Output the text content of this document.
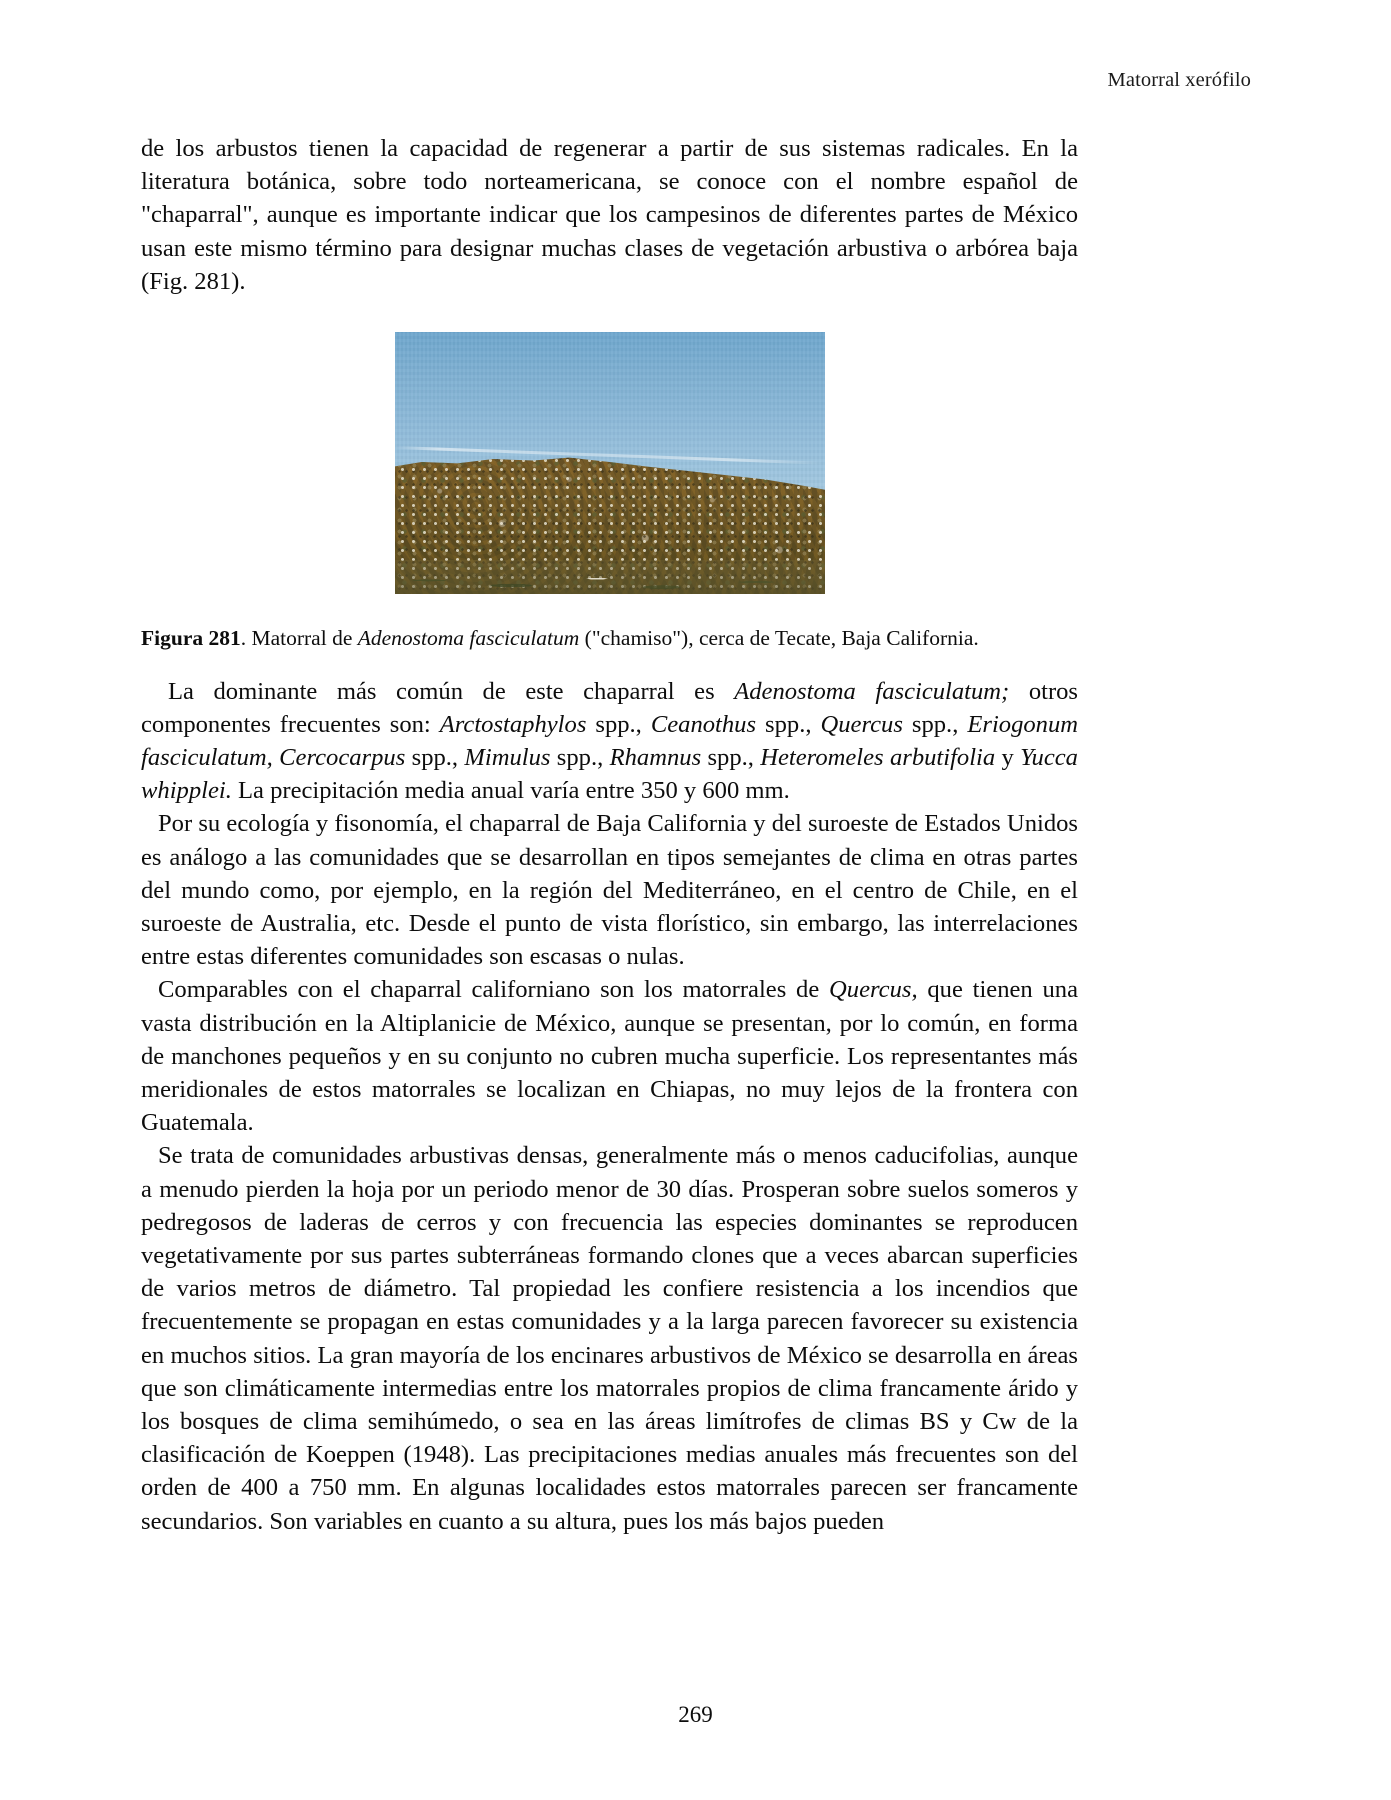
Matorral xerófilo

de los arbustos tienen la capacidad de regenerar a partir de sus sistemas radicales. En la literatura botánica, sobre todo norteamericana, se conoce con el nombre español de "chaparral", aunque es importante indicar que los campesinos de diferentes partes de México usan este mismo término para designar muchas clases de vegetación arbustiva o arbórea baja (Fig. 281).

Figura 281. Matorral de Adenostoma fasciculatum ("chamiso"), cerca de Tecate, Baja California.

La dominante más común de este chaparral es Adenostoma fasciculatum; otros componentes frecuentes son: Arctostaphylos spp., Ceanothus spp., Quercus spp., Eriogonum fasciculatum, Cercocarpus spp., Mimulus spp., Rhamnus spp., Heteromeles arbutifolia y Yucca whipplei. La precipitación media anual varía entre 350 y 600 mm.

Por su ecología y fisonomía, el chaparral de Baja California y del suroeste de Estados Unidos es análogo a las comunidades que se desarrollan en tipos semejantes de clima en otras partes del mundo como, por ejemplo, en la región del Mediterráneo, en el centro de Chile, en el suroeste de Australia, etc. Desde el punto de vista florístico, sin embargo, las interrelaciones entre estas diferentes comunidades son escasas o nulas.

Comparables con el chaparral californiano son los matorrales de Quercus, que tienen una vasta distribución en la Altiplanicie de México, aunque se presentan, por lo común, en forma de manchones pequeños y en su conjunto no cubren mucha superficie. Los representantes más meridionales de estos matorrales se localizan en Chiapas, no muy lejos de la frontera con Guatemala.

Se trata de comunidades arbustivas densas, generalmente más o menos caducifolias, aunque a menudo pierden la hoja por un periodo menor de 30 días. Prosperan sobre suelos someros y pedregosos de laderas de cerros y con frecuencia las especies dominantes se reproducen vegetativamente por sus partes subterráneas formando clones que a veces abarcan superficies de varios metros de diámetro. Tal propiedad les confiere resistencia a los incendios que frecuentemente se propagan en estas comunidades y a la larga parecen favorecer su existencia en muchos sitios. La gran mayoría de los encinares arbustivos de México se desarrolla en áreas que son climáticamente intermedias entre los matorrales propios de clima francamente árido y los bosques de clima semihúmedo, o sea en las áreas limítrofes de climas BS y Cw de la clasificación de Koeppen (1948). Las precipitaciones medias anuales más frecuentes son del orden de 400 a 750 mm. En algunas localidades estos matorrales parecen ser francamente secundarios. Son variables en cuanto a su altura, pues los más bajos pueden

269
